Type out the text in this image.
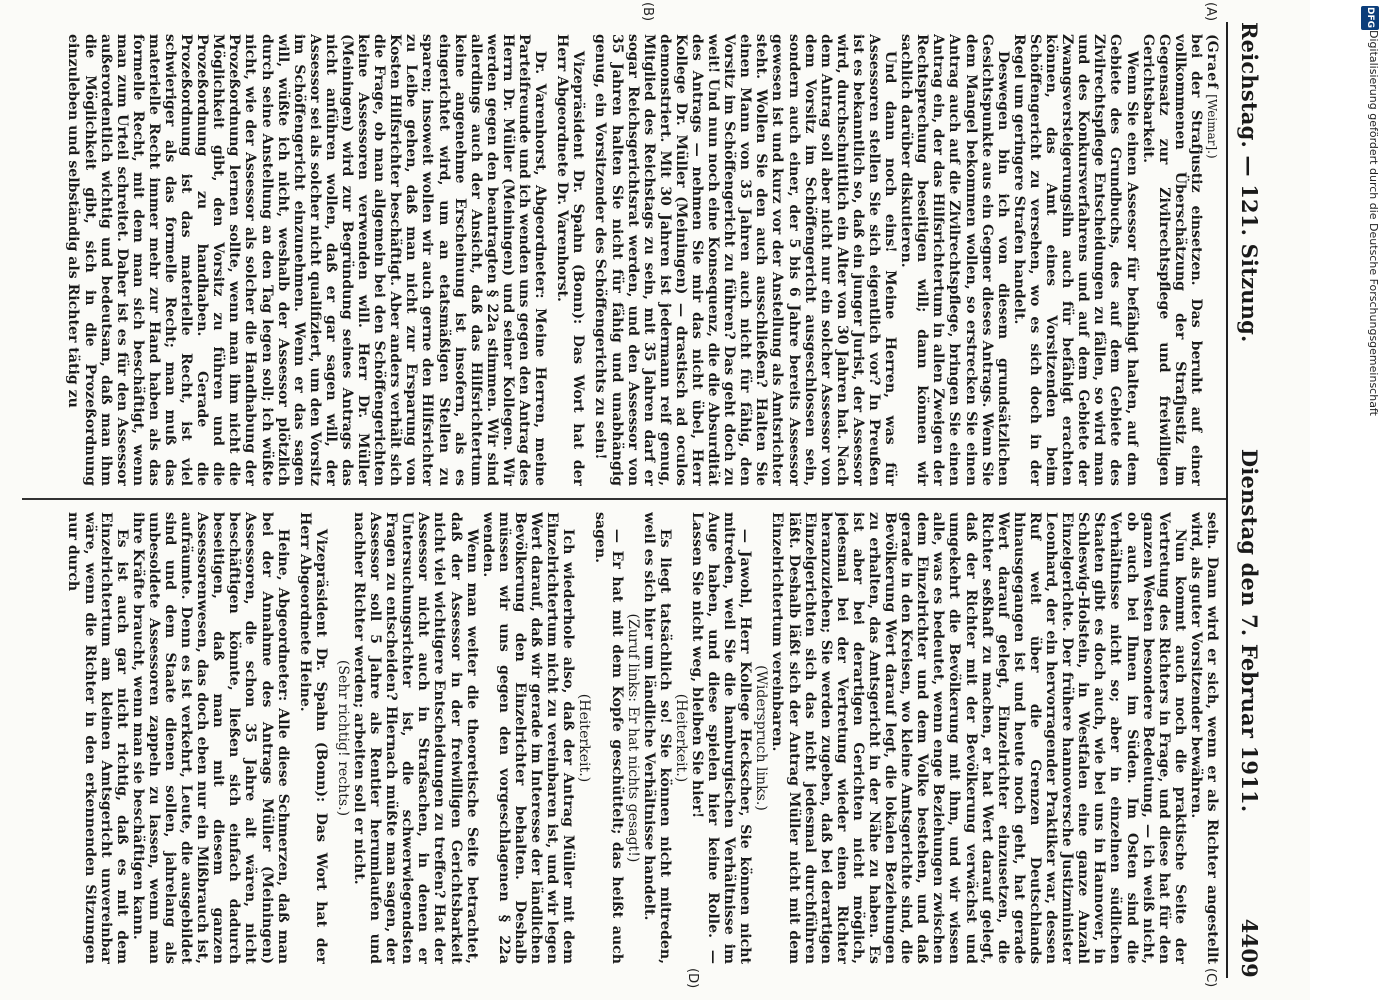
Reichstag. — 121. Sitzung.
Dienstag den 7. Februar 1911.
4409
(A)
(B)
(C)
(D)

(Graef [Weimar].)

bei der Strafjustiz einsetzen. Das beruht auf einer vollkommenen Überschätzung der Strafjustiz im Gegensatz zur Zivilrechtspflege und freiwilligen Gerichtsbarkeit.

Wenn Sie einen Assessor für befähigt halten, auf dem Gebiete des Grundbuchs, des auf dem Gebiete des Zivilrechtspflege Entscheidungen zu fällen, so wird man und des Konkursverfahrens und auf dem Gebiete der Zwangsversteigerungsihn auch für befähigt erachten können, das Amt eines Vorsitzenden beim Schöffengericht zu versehen, wo es sich doch in der Regel um geringere Strafen handelt.

Deswegen bin ich von diesem grundsätzlichen Gesichtspunkte aus ein Gegner dieses Antrags. Wenn Sie dem Mangel bekommen wollen, so erstrecken Sie einen Antrag auch auf die Zivilrechtspflege, bringen Sie einen Antrag ein, der das Hilfsrichtertum in allen Zweigen der Rechtsprechung beseitigen will; dann können wir sachlich darüber diskutieren.

Und dann noch eins! Meine Herren, was für Assessoren stellen Sie sich eigentlich vor? In Preußen ist es bekanntlich so, daß ein junger Jurist, der Assessor wird, durchschnittlich ein Alter von 30 Jahren hat. Nach dem Antrag soll aber nicht nur ein solcher Assessor von dem Vorsitz im Schöffengericht ausgeschlossen sein, sondern auch einer, der 5 bis 6 Jahre bereits Assessor gewesen ist und kurz vor der Anstellung als Amtsrichter steht. Wollen Sie den auch ausschließen? Halten Sie einen Mann von 35 Jahren auch nicht für fähig, den Vorsitz im Schöffengericht zu führen? Das geht doch zu weit! Und nun noch eine Konsequenz, die die Absurdität des Antrags — nehmen Sie mir das nicht übel, Herr Kollege Dr. Müller (Meiningen) — drastisch ad oculos demonstriert. Mit 30 Jahren ist jedermann reif genug, Mitglied des Reichstags zu sein, mit 35 Jahren darf er sogar Reichsgerichtsrat werden, und den Assessor von 35 Jahren halten Sie nicht für fähig und unabhängig genug, ein Vorsitzender des Schöffengerichts zu sein!

Vizepräsident Dr. Spahn (Bonn): Das Wort hat der Herr Abgeordnete Dr. Varenhorst.

Dr. Varenhorst, Abgeordneter: Meine Herren, meine Parteifreunde und ich wenden uns gegen den Antrag des Herrn Dr. Müller (Meiningen) und seiner Kollegen. Wir werden gegen den beantragten § 22a stimmen. Wir sind allerdings auch der Ansicht, daß das Hilfsrichtertum keine angenehme Erscheinung ist insofern, als es eingerichtet wird, um an etatsmäßigen Stellen zu sparen; insoweit wollen wir auch gerne den Hilfsrichter zu Leibe gehen, daß man nicht zur Ersparung von Kosten Hilfsrichter beschäftigt. Aber anders verhält sich die Frage, ob man allgemein bei den Schöffengerichten keine Assessoren verwenden will. Herr Dr. Müller (Meiningen) wird zur Begründung seines Antrags das nicht anführen wollen, daß er gar sagen will, der Assessor sei als solcher nicht qualifiziert, um den Vorsitz im Schöffengericht einzunehmen. Wenn er das sagen will, wüßte ich nicht, weshalb der Assessor plötzlich durch seine Anstellung an den Tag legen soll; ich wüßte nicht, wie der Assessor als solcher die Handhabung der Prozeßordnung lernen sollte, wenn man ihm nicht die Möglichkeit gibt, den Vorsitz zu führen und die Prozeßordnung zu handhaben. Gerade die Prozeßordnung ist das materielle Recht, ist viel schwieriger als das formelle Recht; man muß das materielle Recht immer mehr zur Hand haben als das formelle Recht, mit dem man sich beschäftigt, wenn man zum Urteil schreitet. Daher ist es für den Assessor außerordentlich wichtig und bedeutsam, daß man ihm die Möglichkeit gibt, sich in die Prozeßordnung einzuleben und selbständig als Richter tätig zu

sein. Dann wird er sich, wenn er als Richter angestellt wird, als guter Vorsitzender bewähren.

Nun kommt auch noch die praktische Seite der Vertretung des Richters in Frage, und diese hat für den ganzen Westen besondere Bedeutung, — ich weiß nicht, ob auch bei Ihnen im Süden. Im Osten sind die Verhältnisse nicht so; aber in einzelnen südlichen Staaten gibt es doch auch, wie bei uns in Hannover, in Schleswig-Holstein, in Westfalen eine ganze Anzahl Einzelgerichte. Der frühere hannoversche Justizminister Leonhard, der ein hervorragender Praktiker war, dessen Ruf weit über die Grenzen Deutschlands hinausgegangen ist und heute noch geht, hat gerade Wert darauf gelegt, Einzelrichter einzusetzen, die Richter seßhaft zu machen, er hat Wert darauf gelegt, daß der Richter mit der Bevölkerung verwächst und umgekehrt die Bevölkerung mit ihm, und wir wissen alle, was es bedeutet, wenn enge Beziehungen zwischen dem Einzelrichter und dem Volke bestehen, und daß gerade in den Kreisen, wo kleine Amtsgerichte sind, die Bevölkerung Wert darauf legt, die lokalen Beziehungen zu erhalten, das Amtsgericht in der Nähe zu haben. Es ist aber bei derartigen Gerichten nicht möglich, jedesmal bei der Vertretung wieder einen Richter heranzuziehen; Sie werden zugeben, daß bei derartigen Einzelgerichten sich das nicht jedesmal durchführen läßt. Deshalb läßt sich der Antrag Müller nicht mit dem Einzelrichtertum vereinbaren.

(Widerspruch links.)

— Jawohl, Herr Kollege Heckscher, Sie können nicht mitreden, weil Sie die hamburgischen Verhältnisse im Auge haben, und diese spielen hier keine Rolle. — Lassen Sie nicht weg, bleiben Sie hier!

(Heiterkeit.)

Es liegt tatsächlich so! Sie können nicht mitreden, weil es sich hier um ländliche Verhältnisse handelt.

(Zuruf links: Er hat nichts gesagt!)

— Er hat mit dem Kopfe geschüttelt; das heißt auch sagen.

(Heiterkeit.)

Ich wiederhole also, daß der Antrag Müller mit dem Einzelrichtertum nicht zu vereinbaren ist, und wir legen Wert darauf, daß wir gerade im Interesse der ländlichen Bevölkerung den Einzelrichter behalten. Deshalb müssen wir uns gegen den vorgeschlagenen § 22a wenden.

Wenn man weiter die theoretische Seite betrachtet, daß der Assessor in der freiwilligen Gerichtsbarkeit nicht viel wichtigere Entscheidungen zu treffen? Hat der Assessor nicht auch in Strafsachen, in denen er Untersuchungsrichter ist, die schwerwiegendsten Fragen zu entscheiden? Hiernach müßte man sagen, der Assessor soll 5 Jahre als Rentier herumlaufen und nachher Richter werden; arbeiten soll er nicht.

(Sehr richtig! rechts.)

Vizepräsident Dr. Spahn (Bonn): Das Wort hat der Herr Abgeordnete Heine.

Heine, Abgeordneter: Alle diese Schmerzen, daß man bei der Annahme des Antrags Müller (Meiningen) Assessoren, die schon 35 Jahre alt wären, nicht beschäftigen könnte, ließen sich einfach dadurch beseitigen, daß man mit diesem ganzen Assessorenwesen, das doch eben nur ein Mißbrauch ist, aufräumte. Denn es ist verkehrt, Leute, die ausgebildet sind und dem Staate dienen sollen, jahrelang als unbesoldete Assessoren zappeln zu lassen, wenn man ihre Kräfte braucht, wenn man sie beschäftigen kann.

Es ist auch gar nicht richtig, daß es mit dem Einzelrichtertum am kleinen Amtsgericht unvereinbar wäre, wenn die Richter in den erkennenden Sitzungen nur durch

DFG
Digitalisierung gefördert durch die Deutsche Forschungsgemeinschaft
